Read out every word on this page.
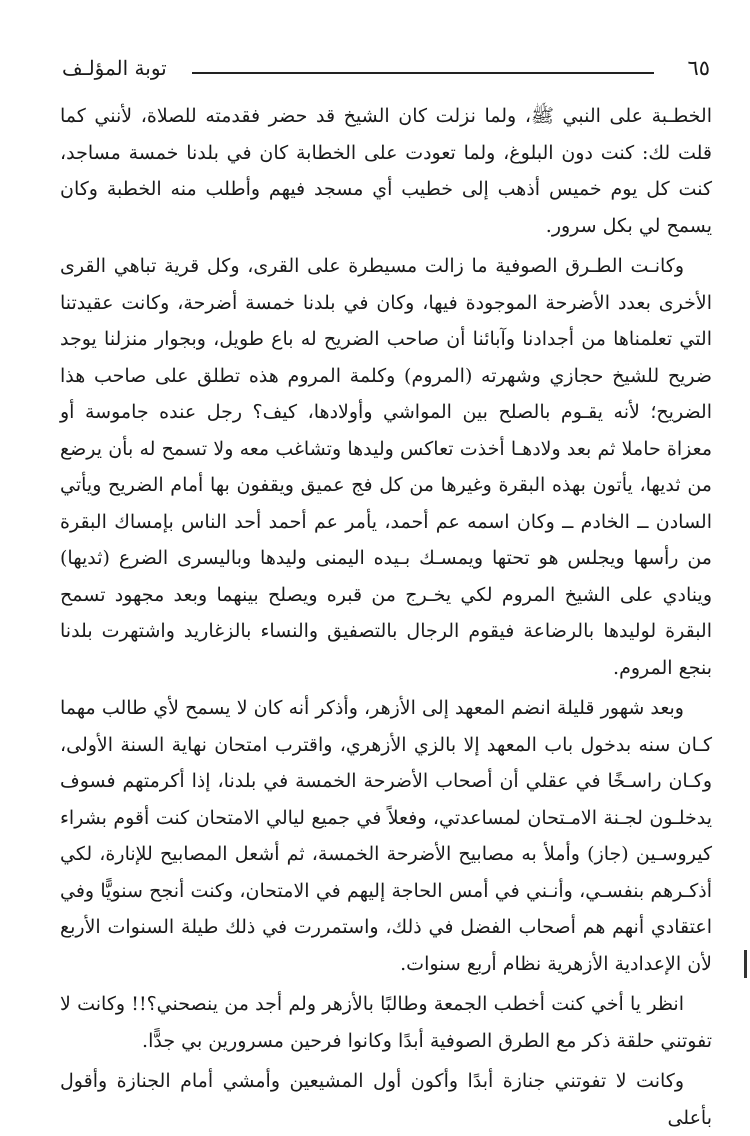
٦٥
توبة المؤلـف

الخطـبة على النبي ﷺ، ولما نزلت كان الشيخ قد حضر فقدمته للصلاة، لأنني كما قلت لك: كنت دون البلوغ، ولما تعودت على الخطابة كان في بلدنا خمسة مساجد، كنت كل يوم خميس أذهب إلى خطيب أي مسجد فيهم وأطلب منه الخطبة وكان يسمح لي بكل سرور.

وكانـت الطـرق الصوفية ما زالت مسيطرة على القرى، وكل قرية تباهي القرى الأخرى بعدد الأضرحة الموجودة فيها، وكان في بلدنا خمسة أضرحة، وكانت عقيدتنا التي تعلمناها من أجدادنا وآبائنا أن صاحب الضريح له باع طويل، وبجوار منزلنا يوجد ضريح للشيخ حجازي وشهرته (المروم) وكلمة المروم هذه تطلق على صاحب هذا الضريح؛ لأنه يقـوم بالصلح بين المواشي وأولادها، كيف؟ رجل عنده جاموسة أو معزاة حاملا ثم بعد ولادهـا أخذت تعاكس وليدها وتشاغب معه ولا تسمح له بأن يرضع من ثديها، يأتون بهذه البقرة وغيرها من كل فج عميق ويقفون بها أمام الضريح ويأتي السادن ــ الخادم ــ وكان اسمه عم أحمد، يأمر عم أحمد أحد الناس بإمساك البقرة من رأسها ويجلس هو تحتها ويمسـك بـيده اليمنى وليدها وباليسرى الضرع (ثديها) وينادي على الشيخ المروم لكي يخـرج من قبره ويصلح بينهما وبعد مجهود تسمح البقرة لوليدها بالرضاعة فيقوم الرجال بالتصفيق والنساء بالزغاريد واشتهرت بلدنا بنجع المروم.

وبعد شهور قليلة انضم المعهد إلى الأزهر، وأذكر أنه كان لا يسمح لأي طالب مهما كـان سنه بدخول باب المعهد إلا بالزي الأزهري، واقترب امتحان نهاية السنة الأولى، وكـان راسـخًا في عقلي أن أصحاب الأضرحة الخمسة في بلدنا، إذا أكرمتهم فسوف يدخلـون لجـنة الامـتحان لمساعدتي، وفعلاً في جميع ليالي الامتحان كنت أقوم بشراء كيروسـين (جاز) وأملأ به مصابيح الأضرحة الخمسة، ثم أشعل المصابيح للإنارة، لكي أذكـرهم بنفسـي، وأنـني في أمس الحاجة إليهم في الامتحان، وكنت أنجح سنويًّا وفي اعتقادي أنهم هم أصحاب الفضل في ذلك، واستمررت في ذلك طيلة السنوات الأربع لأن الإعدادية الأزهرية نظام أربع سنوات.

انظر يا أخي كنت أخطب الجمعة وطالبًا بالأزهر ولم أجد من ينصحني؟!! وكانت لا تفوتني حلقة ذكر مع الطرق الصوفية أبدًا وكانوا فرحين مسرورين بي جدًّا.

وكانت لا تفوتني جنازة أبدًا وأكون أول المشيعين وأمشي أمام الجنازة وأقول بأعلى
